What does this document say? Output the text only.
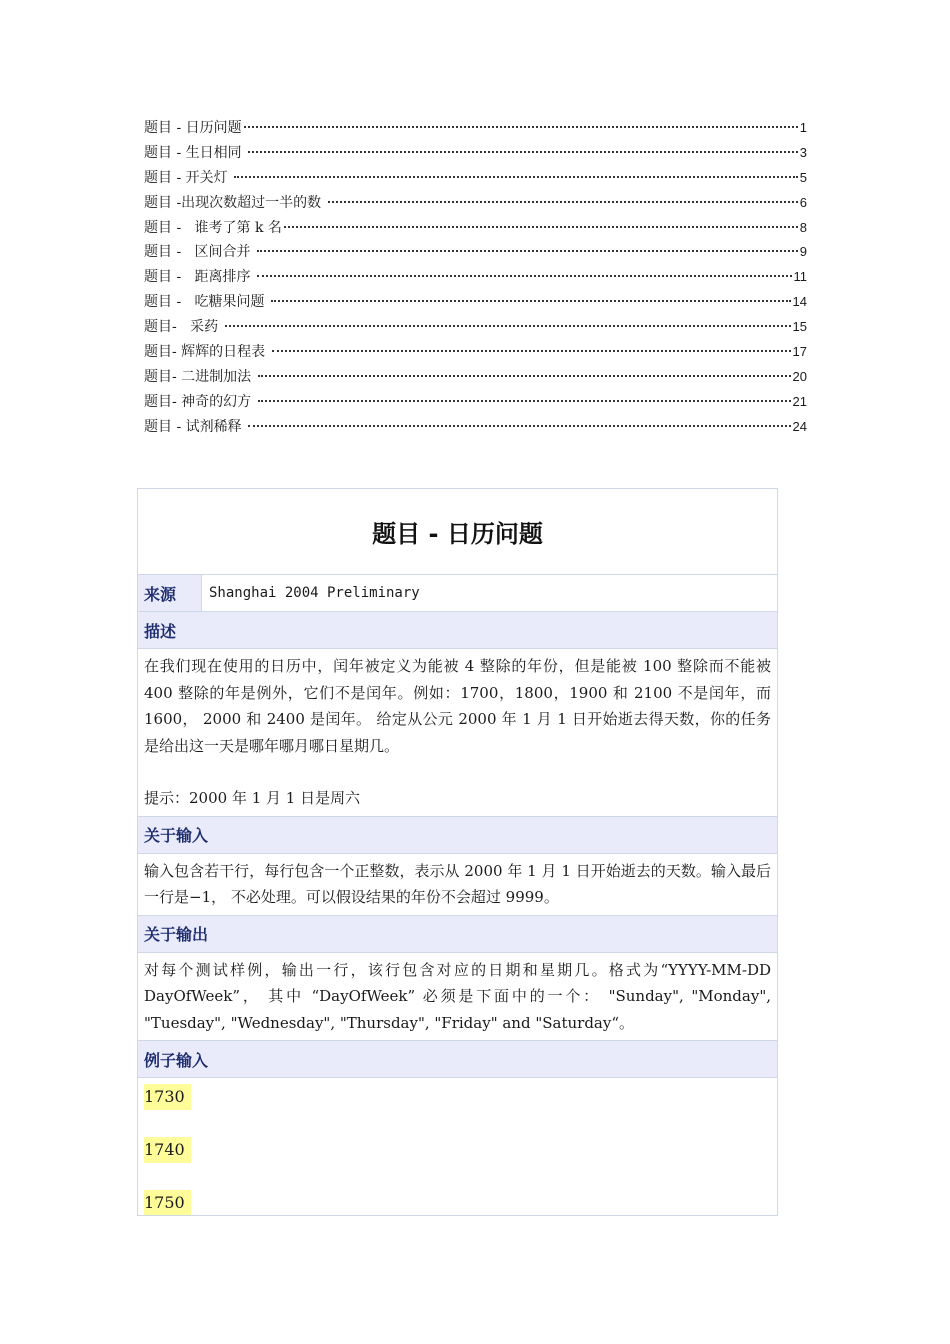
题目 - 日历问题	1
题目 - 生日相同	3
题目 - 开关灯	5
题目 -出现次数超过一半的数	6
题目 -   谁考了第 k 名	8
题目 -   区间合并	9
题目 -   距离排序	11
题目 -   吃糖果问题	14
题目-   采药	15
题目- 辉辉的日程表	17
题目- 二进制加法	20
题目- 神奇的幻方	21
题目 - 试剂稀释	24
题目 - 日历问题
来源	Shanghai 2004 Preliminary
描述

在我们现在使用的日历中，闰年被定义为能被 4 整除的年份，但是能被 100 整除而不能被 400 整除的年是例外，它们不是闰年。例如：1700，1800，1900 和 2100 不是闰年，而 1600， 2000 和 2400 是闰年。 给定从公元 2000 年 1 月 1 日开始逝去得天数，你的任务是给出这一天是哪年哪月哪日星期几。

提示：2000 年 1 月 1 日是周六

关于输入

输入包含若干行，每行包含一个正整数，表示从 2000 年 1 月 1 日开始逝去的天数。输入最后一行是−1， 不必处理。可以假设结果的年份不会超过 9999。

关于输出

对每个测试样例，输出一行，该行包含对应的日期和星期几。格式为“YYYY-MM-DD DayOfWeek”， 其中 “DayOfWeek” 必须是下面中的一个： "Sunday", "Monday", "Tuesday", "Wednesday", "Thursday", "Friday" and "Saturday“。

例子输入
1730
1740
1750
